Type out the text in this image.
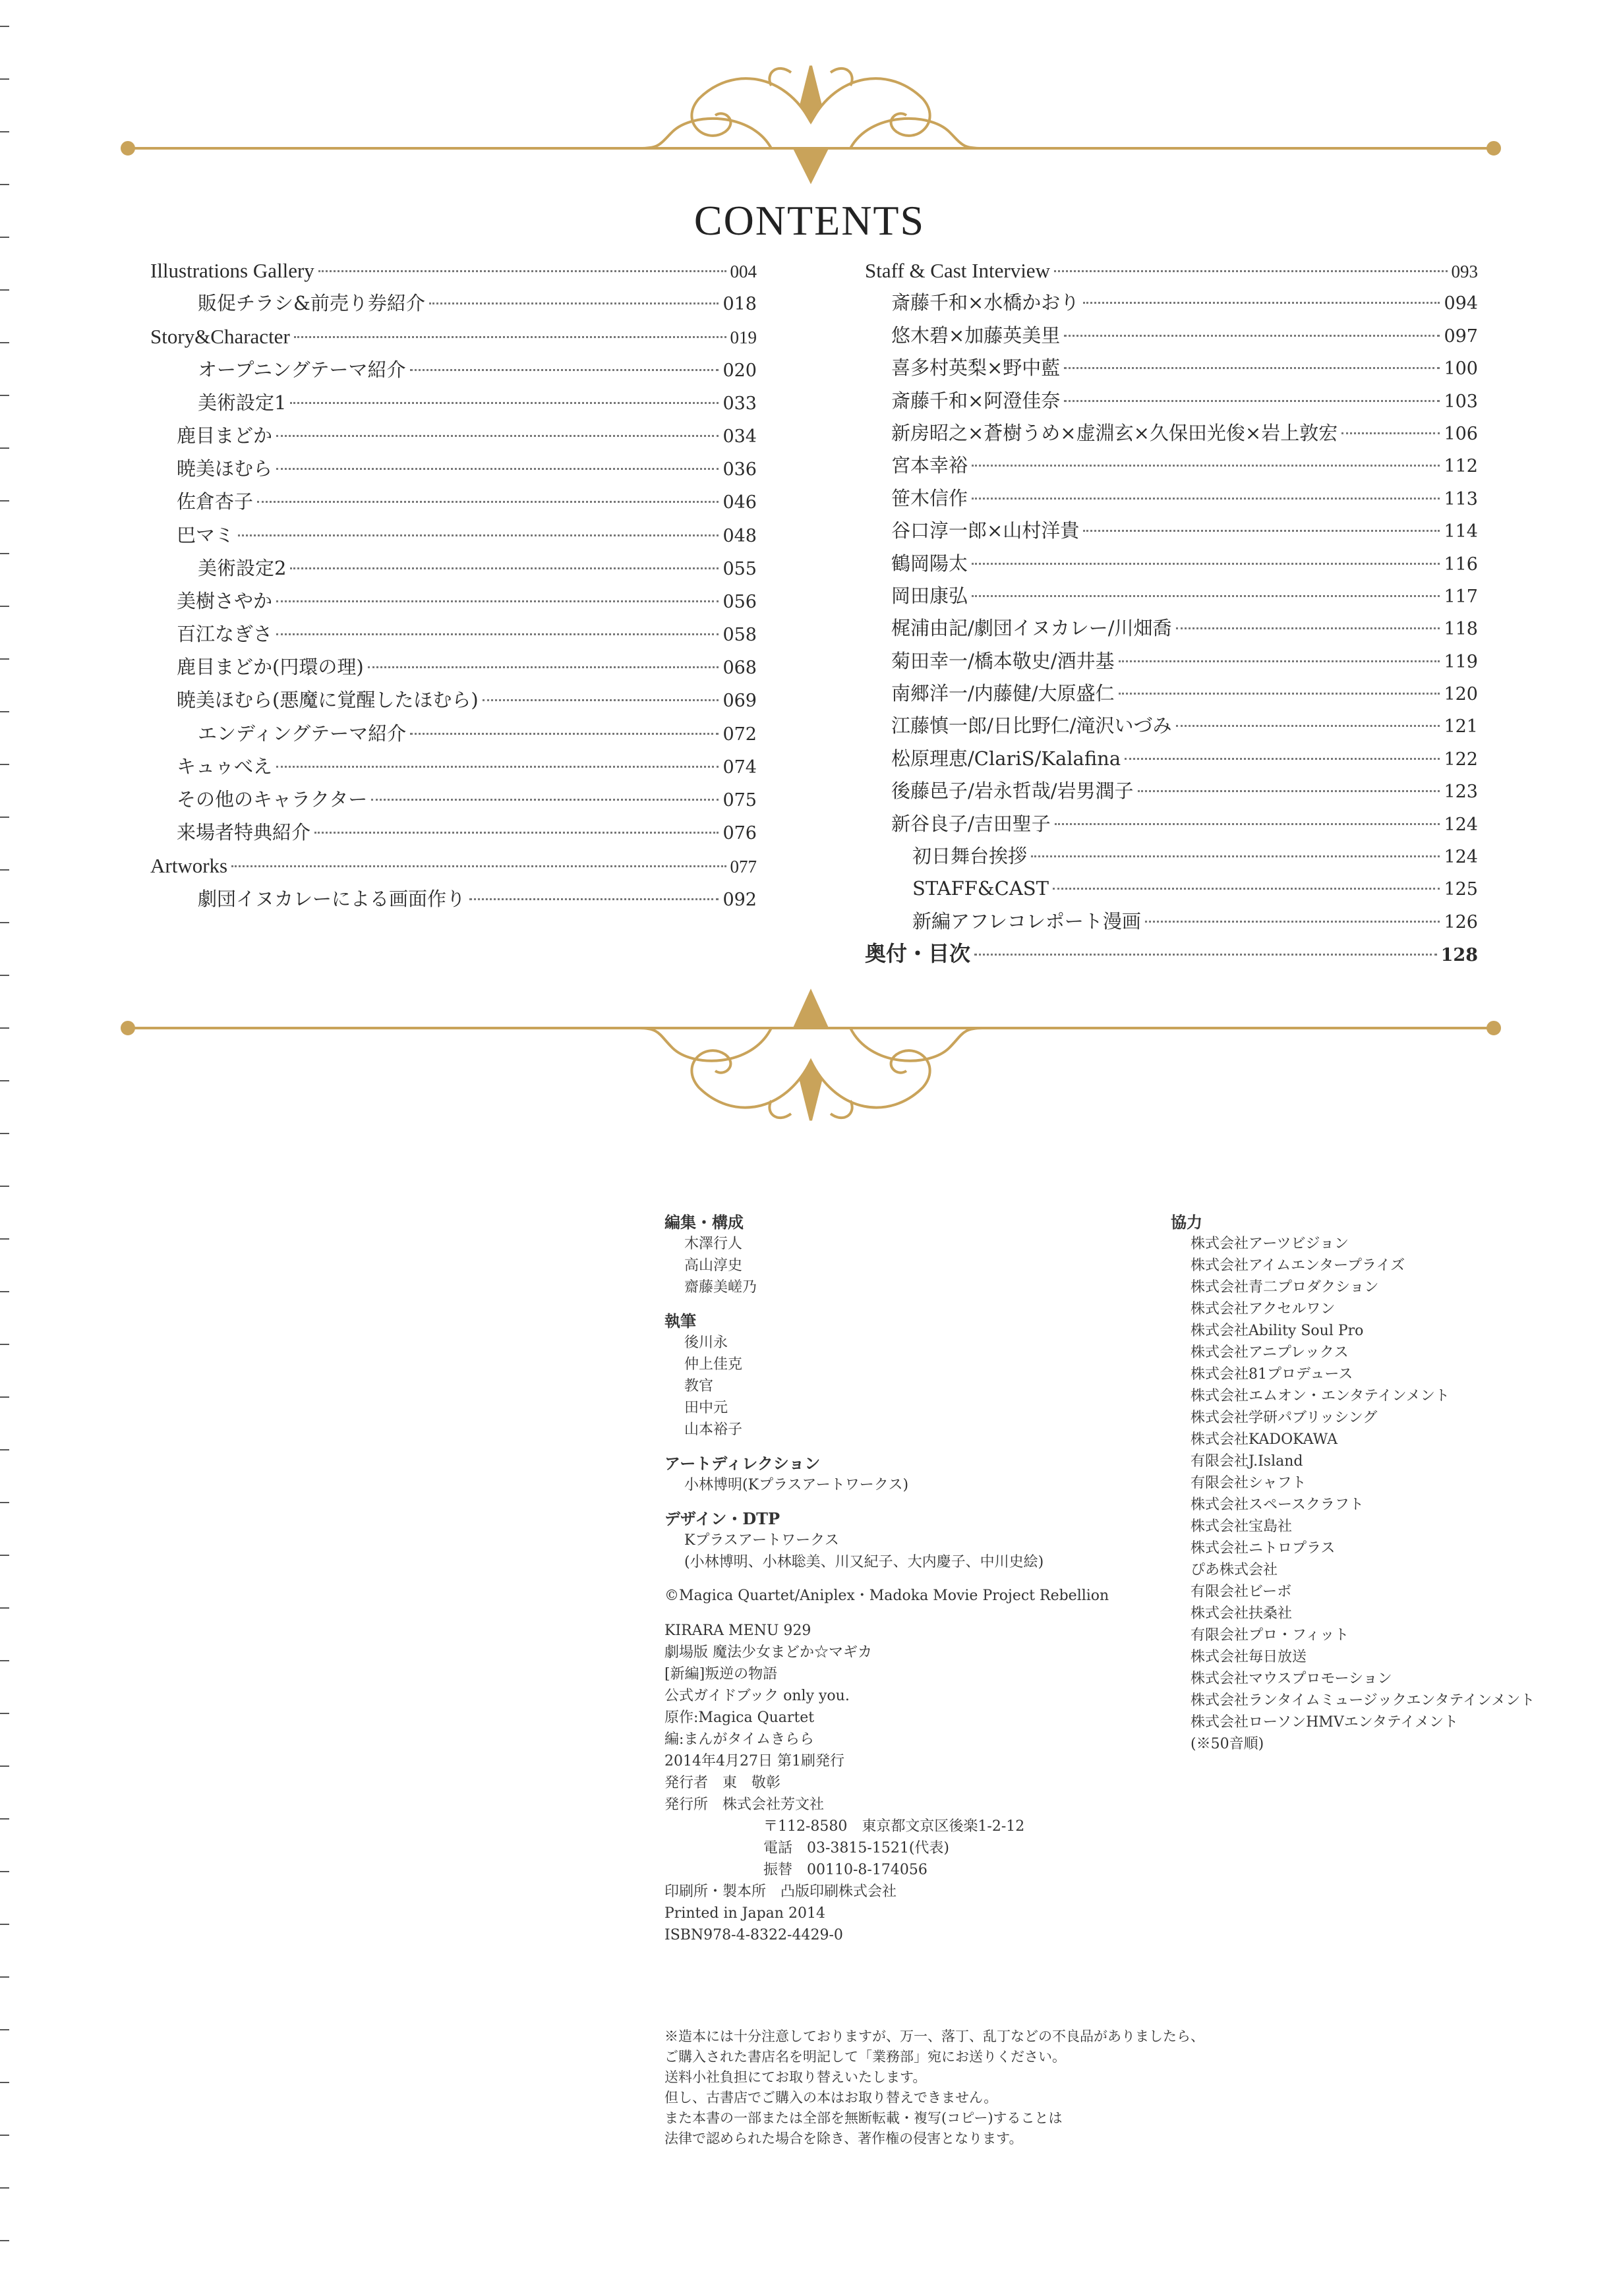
CONTENTS
Illustrations Gallery	004
販促チラシ&前売り券紹介	018
Story&Character	019
オープニングテーマ紹介	020
美術設定1	033
鹿目まどか	034
暁美ほむら	036
佐倉杏子	046
巴マミ	048
美術設定2	055
美樹さやか	056
百江なぎさ	058
鹿目まどか(円環の理)	068
暁美ほむら(悪魔に覚醒したほむら)	069
エンディングテーマ紹介	072
キュゥべえ	074
その他のキャラクター	075
来場者特典紹介	076
Artworks	077
劇団イヌカレーによる画面作り	092
Staff & Cast Interview	093
斎藤千和×水橋かおり	094
悠木碧×加藤英美里	097
喜多村英梨×野中藍	100
斎藤千和×阿澄佳奈	103
新房昭之×蒼樹うめ×虚淵玄×久保田光俊×岩上敦宏	106
宮本幸裕	112
笹木信作	113
谷口淳一郎×山村洋貴	114
鶴岡陽太	116
岡田康弘	117
梶浦由記/劇団イヌカレー/川畑喬	118
菊田幸一/橋本敬史/酒井基	119
南郷洋一/内藤健/大原盛仁	120
江藤慎一郎/日比野仁/滝沢いづみ	121
松原理恵/ClariS/Kalafina	122
後藤邑子/岩永哲哉/岩男潤子	123
新谷良子/吉田聖子	124
初日舞台挨拶	124
STAFF&CAST	125
新編アフレコレポート漫画	126
奥付・目次	128
編集・構成
木澤行人
高山淳史
齋藤美嵯乃
執筆
後川永
仲上佳克
教官
田中元
山本裕子
アートディレクション
小林博明(Kプラスアートワークス)
デザイン・DTP
Kプラスアートワークス
(小林博明、小林聡美、川又紀子、大内慶子、中川史絵)
©Magica Quartet/Aniplex・Madoka Movie Project Rebellion
KIRARA MENU 929
劇場版 魔法少女まどか☆マギカ
[新編]叛逆の物語
公式ガイドブック only you.
原作:Magica Quartet
編:まんがタイムきらら
2014年4月27日 第1刷発行
発行者　東　敬彰
発行所　株式会社芳文社
〒112-8580　東京都文京区後楽1-2-12
電話　03-3815-1521(代表)
振替　00110-8-174056
印刷所・製本所　凸版印刷株式会社
Printed in Japan 2014
ISBN978-4-8322-4429-0
協力
株式会社アーツビジョン
株式会社アイムエンタープライズ
株式会社青二プロダクション
株式会社アクセルワン
株式会社Ability Soul Pro
株式会社アニプレックス
株式会社81プロデュース
株式会社エムオン・エンタテインメント
株式会社学研パブリッシング
株式会社KADOKAWA
有限会社J.Island
有限会社シャフト
株式会社スペースクラフト
株式会社宝島社
株式会社ニトロプラス
ぴあ株式会社
有限会社ビーボ
株式会社扶桑社
有限会社プロ・フィット
株式会社毎日放送
株式会社マウスプロモーション
株式会社ランタイムミュージックエンタテインメント
株式会社ローソンHMVエンタテイメント
(※50音順)
※造本には十分注意しておりますが、万一、落丁、乱丁などの不良品がありましたら、
ご購入された書店名を明記して「業務部」宛にお送りください。
送料小社負担にてお取り替えいたします。
但し、古書店でご購入の本はお取り替えできません。
また本書の一部または全部を無断転載・複写(コピー)することは
法律で認められた場合を除き、著作権の侵害となります。
